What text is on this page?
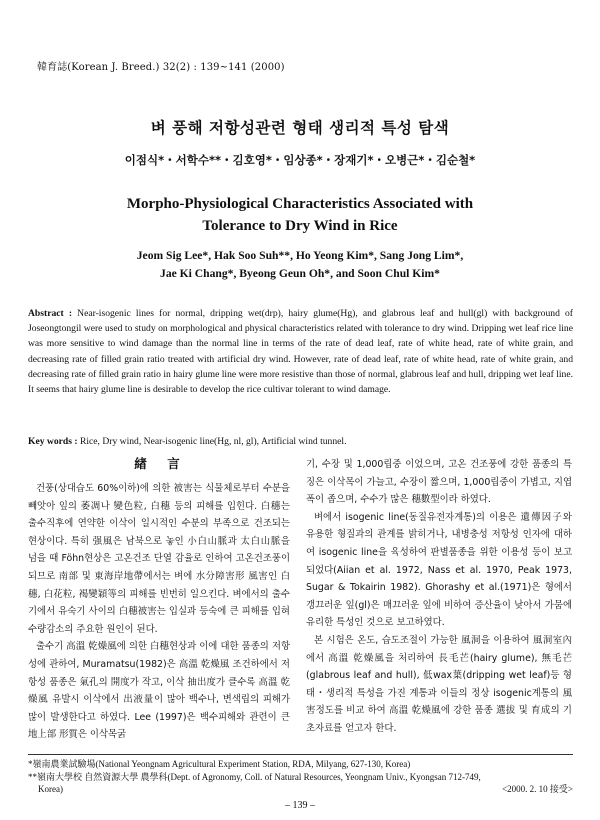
韓育誌(Korean J. Breed.) 32(2) : 139~141 (2000)
벼 풍해 저항성관련 형태 생리적 특성 탐색
이점식*・서학수**・김호영*・임상종*・장재기*・오병근*・김순철*
Morpho-Physiological Characteristics Associated with
Tolerance to Dry Wind in Rice
Jeom Sig Lee*, Hak Soo Suh**, Ho Yeong Kim*, Sang Jong Lim*,
Jae Ki Chang*, Byeong Geun Oh*, and Soon Chul Kim*
Abstract : Near-isogenic lines for normal, dripping wet(drp), hairy glume(Hg), and glabrous leaf and hull(gl) with background of Joseongtongil were used to study on morphological and physical characteristics related with tolerance to dry wind. Dripping wet leaf rice line was more sensitive to wind damage than the normal line in terms of the rate of dead leaf, rate of white head, rate of white grain, and decreasing rate of filled grain ratio treated with artificial dry wind. However, rate of dead leaf, rate of white head, rate of white grain, and decreasing rate of filled grain ratio in hairy glume line were more resistive than those of normal, glabrous leaf and hull, dripping wet leaf line. It seems that hairy glume line is desirable to develop the rice cultivar tolerant to wind damage.
Key words : Rice, Dry wind, Near-isogenic line(Hg, nl, gl), Artificial wind tunnel.
緖　言

건풍(상대습도 60%이하)에 의한 被害는 식물체로부터 수분을 빼앗아 잎의 萎凋나 變色粒, 白穗 등의 피해를 입힌다. 白穗는 출수직후에 연약한 이삭이 일시적인 수분의 부족으로 건조되는 현상이다. 특히 强風은 남북으로 놓인 小白山脈과 太白山脈을 넘을 때 Föhn현상은 고온건조 단열 감율로 인하여 고온건조풍이 되므로 南部 및 東海岸地帶에서는 벼에 水分障害形 風害인 白穗, 白花粒, 褐變穎等의 피해를 빈번히 일으킨다. 벼에서의 출수기에서 유숙기 사이의 白穗被害는 입실과 등숙에 큰 피해를 입혀 수량감소의 주요한 원인이 된다.

출수기 高溫 乾燥風에 의한 白穗현상과 이에 대한 품종의 저항성에 관하여, Muramatsu(1982)은 高溫 乾燥風 조건하에서 저항성 품종은 氣孔의 開度가 작고, 이삭 抽出度가 클수록 高溫 乾燥風 유발시 이삭에서 出液量이 많아 백수나, 변색립의 피해가 많이 발생한다고 하였다. Lee (1997)은 백수피해와 관련이 큰 地上部 形質은 이삭목굵

기, 수장 및 1,000립중 이었으며, 고온 건조풍에 강한 품종의 특징은 이삭목이 가늘고, 수장이 짧으며, 1,000립중이 가볍고, 지엽 폭이 좁으며, 수수가 많은 穗數型이라 하였다.

벼에서 isogenic line(동질유전자계통)의 이용은 遺傳因子와 유용한 형질과의 관계를 밝히거나, 내병충성 저항성 인자에 대하여 isogenic line을 육성하여 판별품종을 위한 이용성 등이 보고되었다(Aiian et al. 1972, Nass et al. 1970, Peak 1973, Sugar & Tokairin 1982). Ghorashy et al.(1971)은 형에서 갱끄러운 잎(gl)은 매끄러운 잎에 비하여 증산율이 낮아서 가뭄에 유리한 특성인 것으로 보고하였다.

본 시험은 온도, 습도조절이 가능한 風洞을 이용하여 風洞室內에서 高溫 乾燥風을 처리하여 長毛芒(hairy glume), 無毛芒(glabrous leaf and hull), 低wax葉(dripping wet leaf)등 형태・생리적 특성을 가진 계통과 이들의 정상 isogenic계통의 風害정도를 비교 하여 高溫 乾燥風에 강한 품종 選拔 및 育成의 기초자료를 얻고자 한다.

*嶺南農業試驗場(National Yeongnam Agricultural Experiment Station, RDA, Milyang, 627-130, Korea)
**嶺南大學校 自然資源大學 農學科(Dept. of Agronomy, Coll. of Natural Resources, Yeongnam Univ., Kyongsan 712-749,
Korea)	<2000. 2. 10 接受>
– 139 –
